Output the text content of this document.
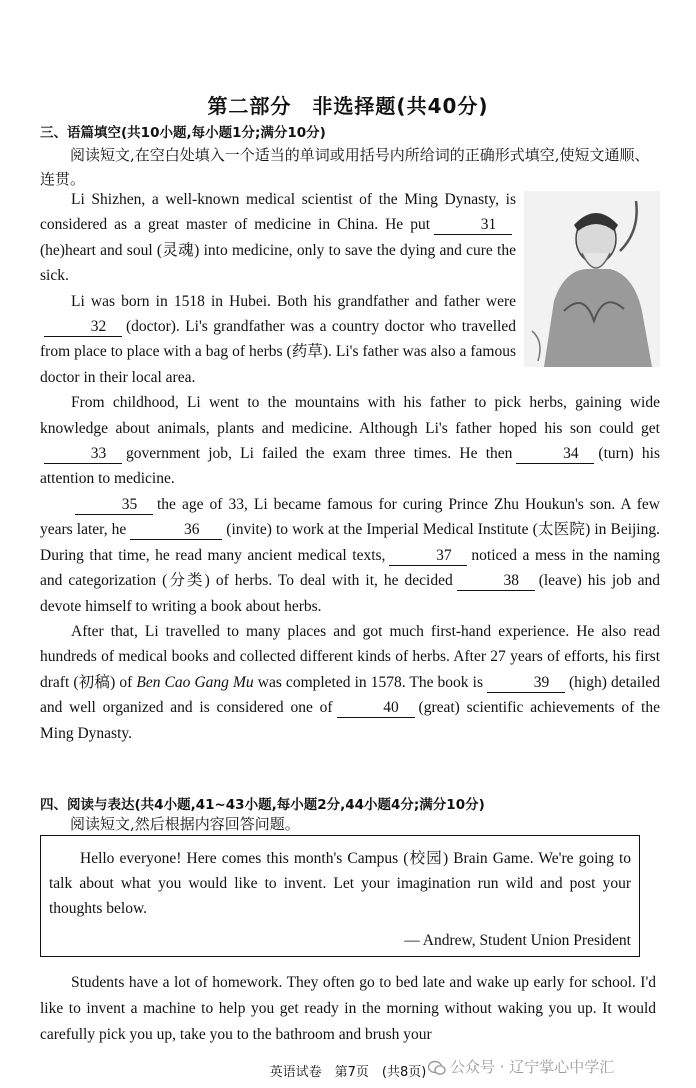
第二部分　非选择题(共40分)
三、语篇填空(共10小题,每小题1分;满分10分)
阅读短文,在空白处填入一个适当的单词或用括号内所给词的正确形式填空,使短文通顺、连贯。

Li Shizhen, a well-known medical scientist of the Ming Dynasty, is considered as a great master of medicine in China. He put	31(he)heart and soul (灵魂) into medicine, only to save the dying and cure the sick.

Li was born in 1518 in Hubei. Both his grandfather and father were32 (doctor). Li's grandfather was a country doctor who travelled from place to place with a bag of herbs (药草). Li's father was also a famous doctor in their local area.

From childhood, Li went to the mountains with his father to pick herbs, gaining wide knowledge about animals, plants and medicine. Although Li's father hoped his son could get33 government job, Li failed the exam three times. He then	34 (turn) his attention to medicine.

35 the age of 33, Li became famous for curing Prince Zhu Houkun's son. A few years later, he	36 (invite) to work at the Imperial Medical Institute (太医院) in Beijing. During that time, he read many ancient medical texts,	37 noticed a mess in the naming and categorization (分类) of herbs. To deal with it, he decided	38 (leave) his job and devote himself to writing a book about herbs.

After that, Li travelled to many places and got much first-hand experience. He also read hundreds of medical books and collected different kinds of herbs. After 27 years of efforts, his first draft (初稿) of Ben Cao Gang Mu was completed in 1578. The book is	39 (high) detailed and well organized and is considered one of	40 (great) scientific achievements of the Ming Dynasty.

四、阅读与表达(共4小题,41~43小题,每小题2分,44小题4分;满分10分)
阅读短文,然后根据内容回答问题。

Hello everyone! Here comes this month's Campus (校园) Brain Game. We're going to talk about what you would like to invent. Let your imagination run wild and post your thoughts below.

— Andrew, Student Union President
Students have a lot of homework. They often go to bed late and wake up early for school. I'd like to invent a machine to help you get ready in the morning without waking you up. It would carefully pick you up, take you to the bathroom and brush your
英语试卷　第7页　(共8页)	公众号 · 辽宁掌心中学汇
